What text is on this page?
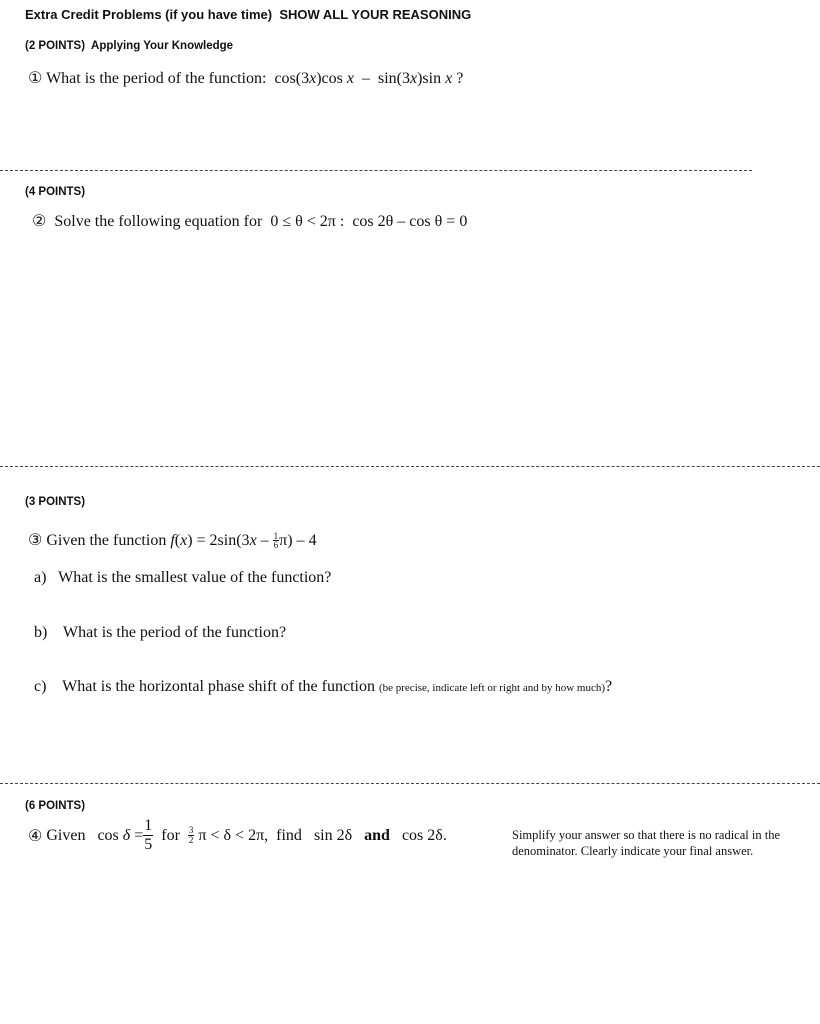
Extra Credit Problems (if you have time) SHOW ALL YOUR REASONING
(2 POINTS) Applying Your Knowledge
① What is the period of the function: cos(3x)cos x – sin(3x)sin x ?
(4 POINTS)
② Solve the following equation for 0 ≤ θ < 2π : cos 2θ – cos θ = 0
(3 POINTS)
③ Given the function $f(x) = 2\sin(3x - \frac{1}{6} \pi) - 4$
a) What is the smallest value of the function?
b) What is the period of the function?
c) What is the horizontal phase shift of the function (be precise, indicate left or right and by how much)?
(6 POINTS)
④
Given
cos
δ
= $\frac{1}{5}$
for
3
2
π < δ < 2π,
find
sin 2δ
and
cos 2δ.	Simplify your answer so that there is no radical in the
denominator. Clearly indicate your final answer.
